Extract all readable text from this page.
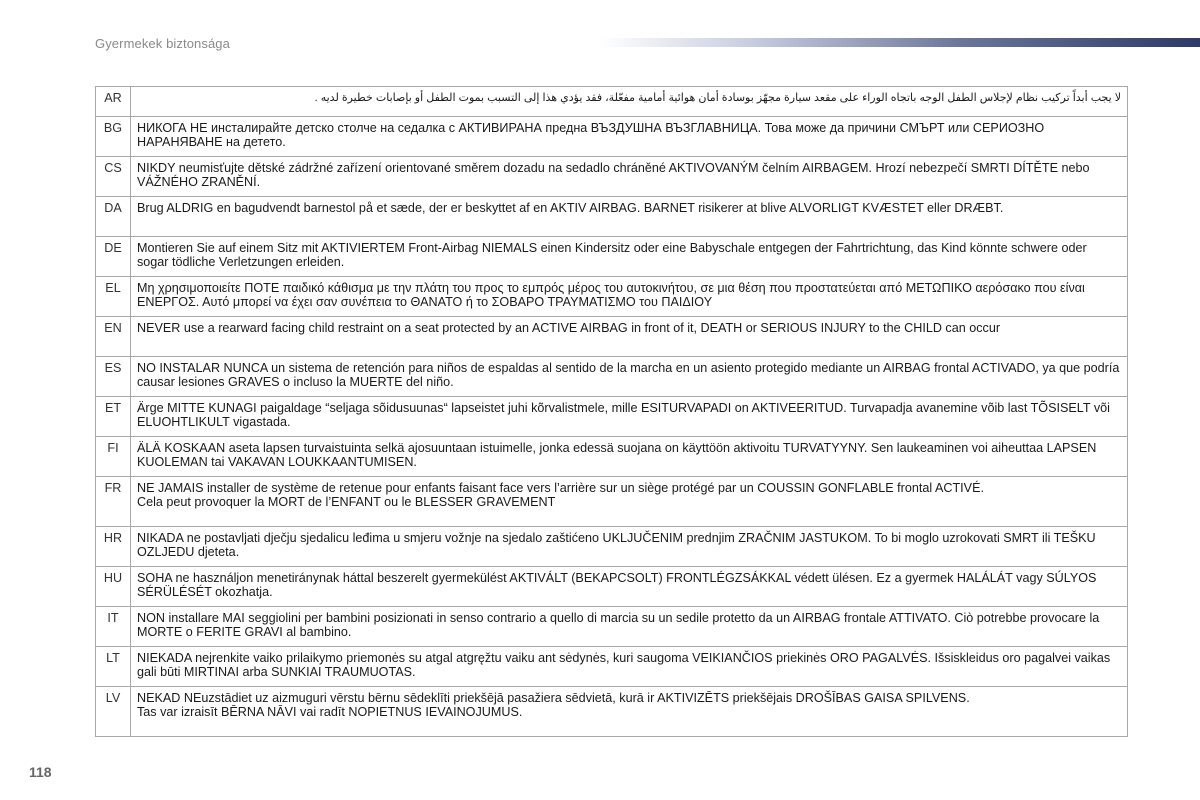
Gyermekek biztonsága
AR	لا يجب أبداً تركيب نظام لإجلاس الطفل الوجه باتجاه الوراء على مقعد سيارة مجهّز بوسادة أمان هوائية أمامية مفعّلة، فقد يؤدي هذا إلى التسبب بموت الطفل أو بإصابات خطيرة لديه .
BG	НИКОГА НЕ инсталирайте детско столче на седалка с АКТИВИРАНА предна ВЪЗДУШНА ВЪЗГЛАВНИЦА. Това може да причини СМЪРТ или СЕРИОЗНО НАРАНЯВАНЕ на детето.
CS	NIKDY neumisťujte dětské zádržné zařízení orientované směrem dozadu na sedadlo chráněné AKTIVOVANÝM čelním AIRBAGEM. Hrozí nebezpečí SMRTI DÍTĚTE nebo VÁŽNÉHO ZRANĚNÍ.
DA	Brug ALDRIG en bagudvendt barnestol på et sæde, der er beskyttet af en AKTIV AIRBAG. BARNET risikerer at blive ALVORLIGT KVÆSTET eller DRÆBT.
DE	Montieren Sie auf einem Sitz mit AKTIVIERTEM Front-Airbag NIEMALS einen Kindersitz oder eine Babyschale entgegen der Fahrtrichtung, das Kind könnte schwere oder sogar tödliche Verletzungen erleiden.
EL	Μη χρησιμοποιείτε ΠΟΤΕ παιδικό κάθισμα με την πλάτη του προς το εμπρός μέρος του αυτοκινήτου, σε μια θέση που προστατεύεται από ΜΕΤΩΠΙΚΟ αερόσακο που είναι ΕΝΕΡΓΟΣ. Αυτό μπορεί να έχει σαν συνέπεια το ΘΑΝΑΤΟ ή το ΣΟΒΑΡΟ ΤΡΑΥΜΑΤΙΣΜΟ του ΠΑΙΔΙΟΥ
EN	NEVER use a rearward facing child restraint on a seat protected by an ACTIVE AIRBAG in front of it, DEATH or SERIOUS INJURY to the CHILD can occur
ES	NO INSTALAR NUNCA un sistema de retención para niños de espaldas al sentido de la marcha en un asiento protegido mediante un AIRBAG frontal ACTIVADO, ya que podría causar lesiones GRAVES o incluso la MUERTE del niño.
ET	Ärge MITTE KUNAGI paigaldage “seljaga sõidusuunas“ lapseistet juhi kõrvalistmele, mille ESITURVAPADI on AKTIVEERITUD. Turvapadja avanemine võib last TÕSISELT või ELUOHTLIKULT vigastada.
FI	ÄLÄ KOSKAAN aseta lapsen turvaistuinta selkä ajosuuntaan istuimelle, jonka edessä suojana on käyttöön aktivoitu TURVATYYNY. Sen laukeaminen voi aiheuttaa LAPSEN KUOLEMAN tai VAKAVAN LOUKKAANTUMISEN.
FR	NE JAMAIS installer de système de retenue pour enfants faisant face vers l’arrière sur un siège protégé par un COUSSIN GONFLABLE frontal ACTIVÉ.
Cela peut provoquer la MORT de l’ENFANT ou le BLESSER GRAVEMENT

HR	NIKADA ne postavljati dječju sjedalicu leđima u smjeru vožnje na sjedalo zaštićeno UKLJUČENIM prednjim ZRAČNIM JASTUKOM. To bi moglo uzrokovati SMRT ili TEŠKU OZLJEDU djeteta.
HU	SOHA ne használjon menetiránynak háttal beszerelt gyermekülést AKTIVÁLT (BEKAPCSOLT) FRONTLÉGZSÁKKAL védett ülésen. Ez a gyermek HALÁLÁT vagy SÚLYOS SÉRÜLÉSÉT okozhatja.
IT	NON installare MAI seggiolini per bambini posizionati in senso contrario a quello di marcia su un sedile protetto da un AIRBAG frontale ATTIVATO. Ciò potrebbe provocare la MORTE o FERITE GRAVI al bambino.
LT	NIEKADA nejrenkite vaiko prilaikymo priemonės su atgal atgręžtu vaiku ant sėdynės, kuri saugoma VEIKIANČIOS priekinės ORO PAGALVĖS. Išsiskleidus oro pagalvei vaikas gali būti MIRTINAI arba SUNKIAI TRAUMUOTAS.
LV	NEKAD NEuzstādiet uz aizmuguri vērstu bērnu sēdeklīti priekšējā pasažiera sēdvietā, kurā ir AKTIVIZĒTS priekšējais DROŠĪBAS GAISA SPILVENS.
Tas var izraisīt BĒRNA NĀVI vai radīt NOPIETNUS IEVAINOJUMUS.
118
